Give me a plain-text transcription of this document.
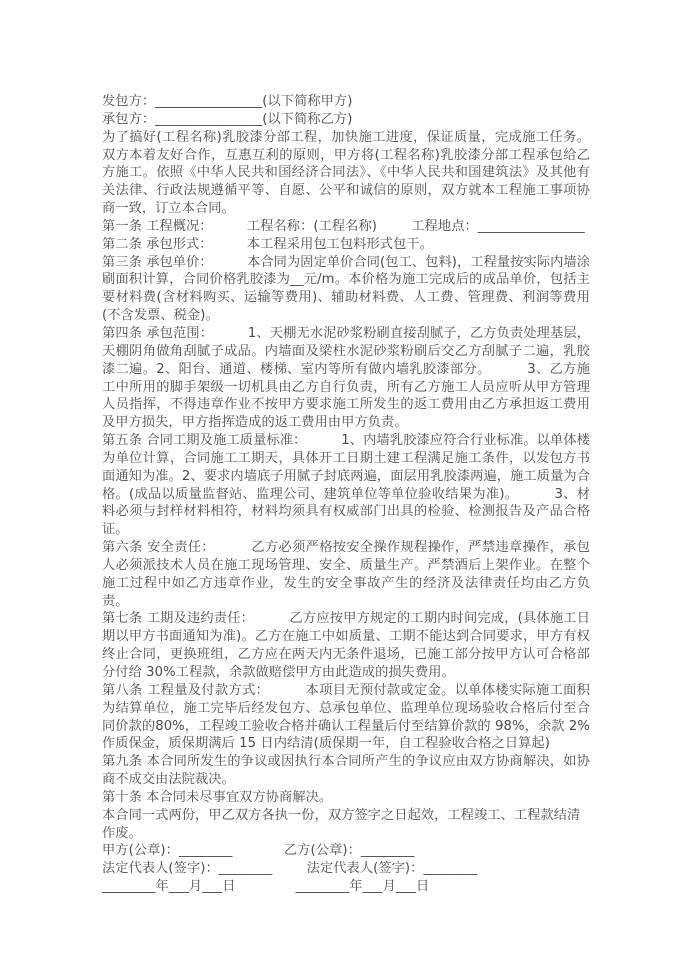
发包方：________________(以下简称甲方)

承包方：________________(以下简称乙方)

为了搞好(工程名称)乳胶漆分部工程，加快施工进度，保证质量，完成施工任务。双方本着友好合作，互惠互利的原则，甲方将(工程名称)乳胶漆分部工程承包给乙方施工。依照《中华人民共和国经济合同法》、《中华人民共和国建筑法》及其他有关法律、行政法规遵循平等、自愿、公平和诚信的原则，双方就本工程施工事项协商一致，订立本合同。

第一条 工程概况：        工程名称：(工程名称)        工程地点：________________

第二条 承包形式：        本工程采用包工包料形式包干。

第三条 承包单价：        本合同为固定单价合同(包工、包料)，工程量按实际内墙涂刷面积计算，合同价格乳胶漆为__元/m。本价格为施工完成后的成品单价，包括主要材料费(含材料购买、运输等费用)、辅助材料费、人工费、管理费、利润等费用(不含发票、税金)。

第四条 承包范围：        1、天棚无水泥砂浆粉刷直接刮腻子，乙方负责处理基层，天棚阴角做角刮腻子成品。内墙面及梁柱水泥砂浆粉刷后交乙方刮腻子二遍，乳胶漆二遍。2、阳台、通道、楼梯、室内等所有做内墙乳胶漆部分。        3、乙方施工中所用的脚手架级一切机具由乙方自行负责，所有乙方施工人员应听从甲方管理人员指挥，不得违章作业不按甲方要求施工所发生的返工费用由乙方承担返工费用及甲方损失，甲方指挥造成的返工费用由甲方负责。

第五条 合同工期及施工质量标准：        1、内墙乳胶漆应符合行业标准。以单体楼为单位计算，合同施工工期天，具体开工日期土建工程满足施工条件，以发包方书面通知为准。2、要求内墙底子用腻子封底两遍，面层用乳胶漆两遍，施工质量为合格。(成品以质量监督站、监理公司、建筑单位等单位验收结果为准)。        3、材料必须与封样材料相符，材料均须具有权威部门出具的检验、检测报告及产品合格证。

第六条 安全责任：        乙方必须严格按安全操作规程操作，严禁违章操作，承包人必须派技术人员在施工现场管理、安全、质量生产。严禁酒后上架作业。在整个施工过程中如乙方违章作业，发生的安全事故产生的经济及法律责任均由乙方负责。

第七条 工期及违约责任：        乙方应按甲方规定的工期内时间完成，(具体施工日期以甲方书面通知为准)。乙方在施工中如质量、工期不能达到合同要求，甲方有权终止合同，更换班组，乙方应在两天内无条件退场，已施工部分按甲方认可合格部分付给 30%工程款，余款做赔偿甲方由此造成的损失费用。

第八条 工程量及付款方式：        本项目无预付款或定金。以单体楼实际施工面积为结算单位，施工完毕后经发包方、总承包单位、监理单位现场验收合格后付至合同价款的80%，工程竣工验收合格并确认工程量后付至结算价款的 98%，余款 2%作质保金，质保期满后 15 日内结清(质保期一年，自工程验收合格之日算起)

第九条 本合同所发生的争议或因执行本合同所产生的争议应由双方协商解决，如协商不成交由法院裁决。

第十条 本合同未尽事宜双方协商解决。

本合同一式两份，甲乙双方各执一份，双方签字之日起效，工程竣工、工程款结清作废。

甲方(公章)：________            乙方(公章)：________

法定代表人(签字)：________        法定代表人(签字)：________

________年___月___日              ________年___月___日
